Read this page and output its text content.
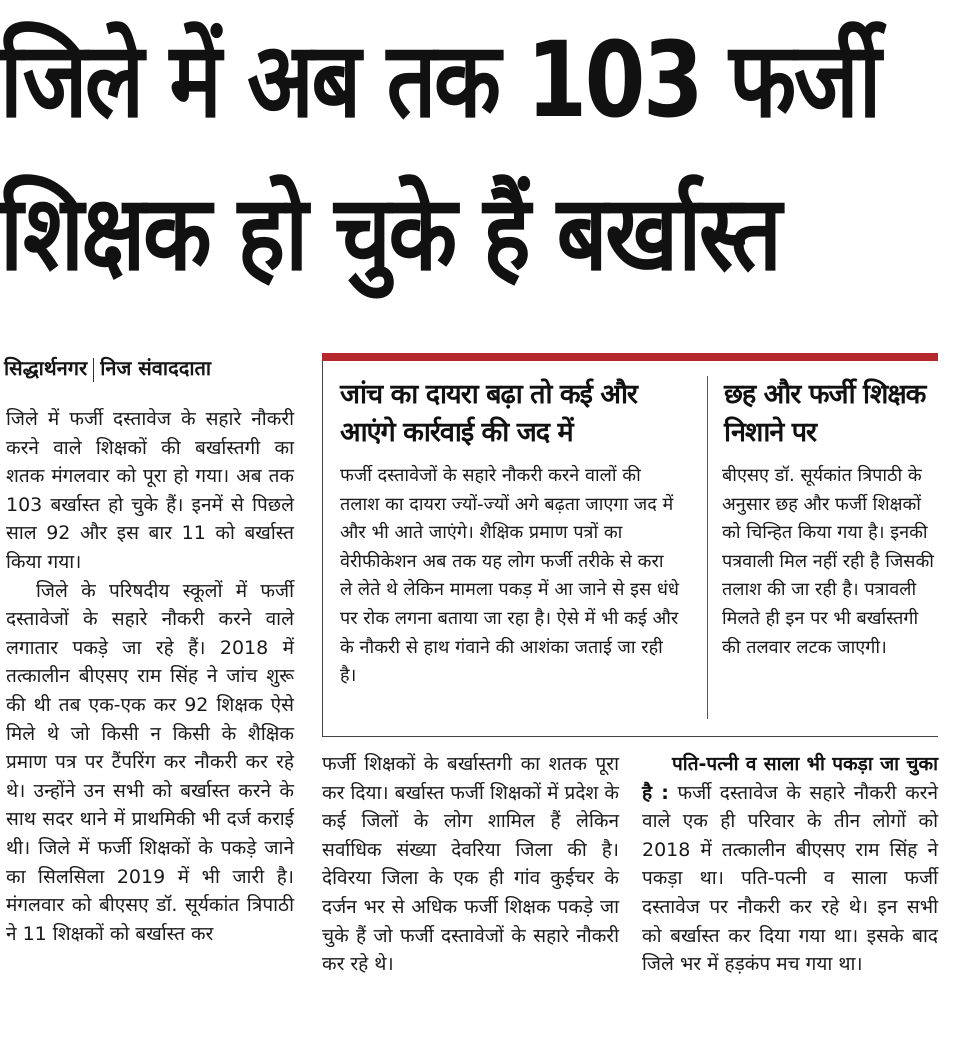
जिले में अब तक 103 फर्जी
शिक्षक हो चुके हैं बर्खास्त
सिद्धार्थनगर निज संवाददाता

जिले में फर्जी दस्तावेज के सहारे नौकरी करने वाले शिक्षकों की बर्खास्तगी का शतक मंगलवार को पूरा हो गया। अब तक 103 बर्खास्त हो चुके हैं। इनमें से पिछले साल 92 और इस बार 11 को बर्खास्त किया गया।

जिले के परिषदीय स्कूलों में फर्जी दस्तावेजों के सहारे नौकरी करने वाले लगातार पकड़े जा रहे हैं। 2018 में तत्कालीन बीएसए राम सिंह ने जांच शुरू की थी तब एक-एक कर 92 शिक्षक ऐसे मिले थे जो किसी न किसी के शैक्षिक प्रमाण पत्र पर टैंपरिंग कर नौकरी कर रहे थे। उन्होंने उन सभी को बर्खास्त करने के साथ सदर थाने में प्राथमिकी भी दर्ज कराई थी। जिले में फर्जी शिक्षकों के पकड़े जाने का सिलसिला 2019 में भी जारी है। मंगलवार को बीएसए डॉ. सूर्यकांत त्रिपाठी ने 11 शिक्षकों को बर्खास्त कर

जांच का दायरा बढ़ा तो कई और आएंगे कार्रवाई की जद में
फर्जी दस्तावेजों के सहारे नौकरी करने वालों की तलाश का दायरा ज्यों-ज्यों अगे बढ़ता जाएगा जद में और भी आते जाएंगे। शैक्षिक प्रमाण पत्रों का वेरीफीकेशन अब तक यह लोग फर्जी तरीके से करा ले लेते थे लेकिन मामला पकड़ में आ जाने से इस धंधे पर रोक लगना बताया जा रहा है। ऐसे में भी कई और के नौकरी से हाथ गंवाने की आशंका जताई जा रही है।
छह और फर्जी शिक्षक निशाने पर
बीएसए डॉ. सूर्यकांत त्रिपाठी के अनुसार छह और फर्जी शिक्षकों को चिन्हित किया गया है। इनकी पत्रवाली मिल नहीं रही है जिसकी तलाश की जा रही है। पत्रावली मिलते ही इन पर भी बर्खास्तगी की तलवार लटक जाएगी।

फर्जी शिक्षकों के बर्खास्तगी का शतक पूरा कर दिया। बर्खास्त फर्जी शिक्षकों में प्रदेश के कई जिलों के लोग शामिल हैं लेकिन सर्वाधिक संख्या देवरिया जिला की है। देविरया जिला के एक ही गांव कुईचर के दर्जन भर से अधिक फर्जी शिक्षक पकड़े जा चुके हैं जो फर्जी दस्तावेजों के सहारे नौकरी कर रहे थे।

पति-पत्नी व साला भी पकड़ा जा चुका है : फर्जी दस्तावेज के सहारे नौकरी करने वाले एक ही परिवार के तीन लोगों को 2018 में तत्कालीन बीएसए राम सिंह ने पकड़ा था। पति-पत्नी व साला फर्जी दस्तावेज पर नौकरी कर रहे थे। इन सभी को बर्खास्त कर दिया गया था। इसके बाद जिले भर में हड़कंप मच गया था।
